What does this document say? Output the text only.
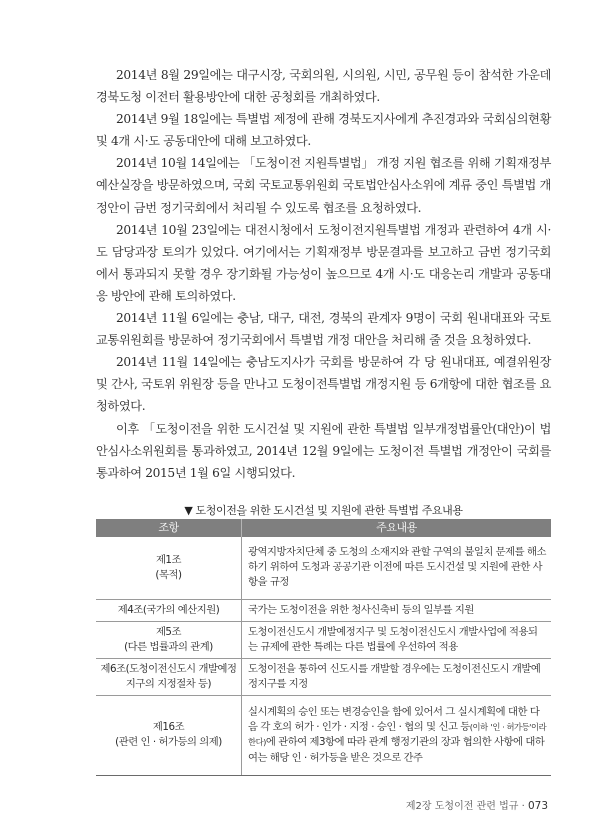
2014년 8월 29일에는 대구시장, 국회의원, 시의원, 시민, 공무원 등이 참석한 가운데 경북도청 이전터 활용방안에 대한 공청회를 개최하였다.

2014년 9월 18일에는 특별법 제정에 관해 경북도지사에게 추진경과와 국회심의현황 및 4개 시·도 공동대안에 대해 보고하였다.

2014년 10월 14일에는 「도청이전 지원특별법」 개정 지원 협조를 위해 기획재정부 예산실장을 방문하였으며, 국회 국토교통위원회 국토법안심사소위에 계류 중인 특별법 개정안이 금번 정기국회에서 처리될 수 있도록 협조를 요청하였다.

2014년 10월 23일에는 대전시청에서 도청이전지원특별법 개정과 관련하여 4개 시·도 담당과장 토의가 있었다. 여기에서는 기획재정부 방문결과를 보고하고 금번 정기국회에서 통과되지 못할 경우 장기화될 가능성이 높으므로 4개 시·도 대응논리 개발과 공동대응 방안에 관해 토의하였다.

2014년 11월 6일에는 충남, 대구, 대전, 경북의 관계자 9명이 국회 원내대표와 국토교통위원회를 방문하여 정기국회에서 특별법 개정 대안을 처리해 줄 것을 요청하였다.

2014년 11월 14일에는 충남도지사가 국회를 방문하여 각 당 원내대표, 예결위원장 및 간사, 국토위 위원장 등을 만나고 도청이전특별법 개정지원 등 6개항에 대한 협조를 요청하였다.

이후 「도청이전을 위한 도시건설 및 지원에 관한 특별법 일부개정법률안(대안)이 법안심사소위원회를 통과하였고, 2014년 12월 9일에는 도청이전 특별법 개정안이 국회를 통과하여 2015년 1월 6일 시행되었다.

▼ 도청이전을 위한 도시건설 및 지원에 관한 특별법 주요내용
조항	주요내용
제1조
(목적)	광역지방자치단체 중 도청의 소재지와 관할 구역의 불일치 문제를 해소하기 위하여 도청과 공공기관 이전에 따른 도시건설 및 지원에 관한 사항을 규정
제4조(국가의 예산지원)	국가는 도청이전을 위한 청사신축비 등의 일부를 지원
제5조
(다른 법률과의 관계)	도청이전신도시 개발예정지구 및 도청이전신도시 개발사업에 적용되는 규제에 관한 특례는 다른 법률에 우선하여 적용
제6조(도청이전신도시 개발예정
지구의 지정절차 등)	도청이전을 통하여 신도시를 개발할 경우에는 도청이전신도시 개발예정지구를 지정
제16조
(관련 인 · 허가등의 의제)	실시계획의 승인 또는 변경승인을 함에 있어서 그 실시계획에 대한 다음 각 호의 허가 · 인가 · 지정 · 승인 · 협의 및 신고 등(이하 '인 · 허가등'이라 한다)에 관하여 제3항에 따라 관계 행정기관의 장과 협의한 사항에 대하여는 해당 인 · 허가등을 받은 것으로 간주
제2장 도청이전 관련 법규 · 073
